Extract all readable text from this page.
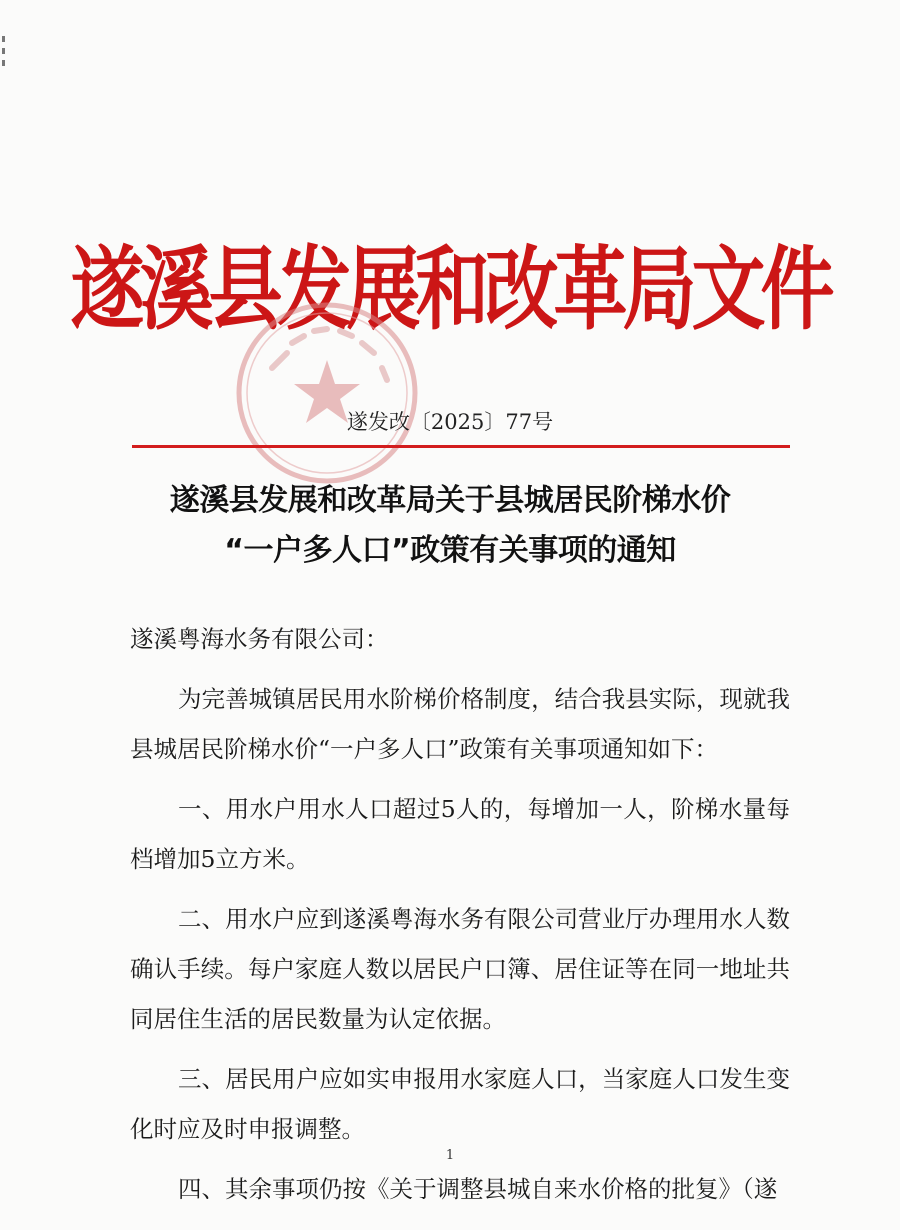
遂溪县发展和改革局文件
遂发改〔2025〕77号
遂溪县发展和改革局关于县城居民阶梯水价
“一户多人口”政策有关事项的通知
遂溪粤海水务有限公司：
为完善城镇居民用水阶梯价格制度，结合我县实际，现就我县城居民阶梯水价“一户多人口”政策有关事项通知如下：
一、用水户用水人口超过5人的，每增加一人，阶梯水量每档增加5立方米。
二、用水户应到遂溪粤海水务有限公司营业厅办理用水人数确认手续。每户家庭人数以居民户口簿、居住证等在同一地址共同居住生活的居民数量为认定依据。
三、居民用户应如实申报用水家庭人口，当家庭人口发生变化时应及时申报调整。
四、其余事项仍按《关于调整县城自来水价格的批复》（遂
1
